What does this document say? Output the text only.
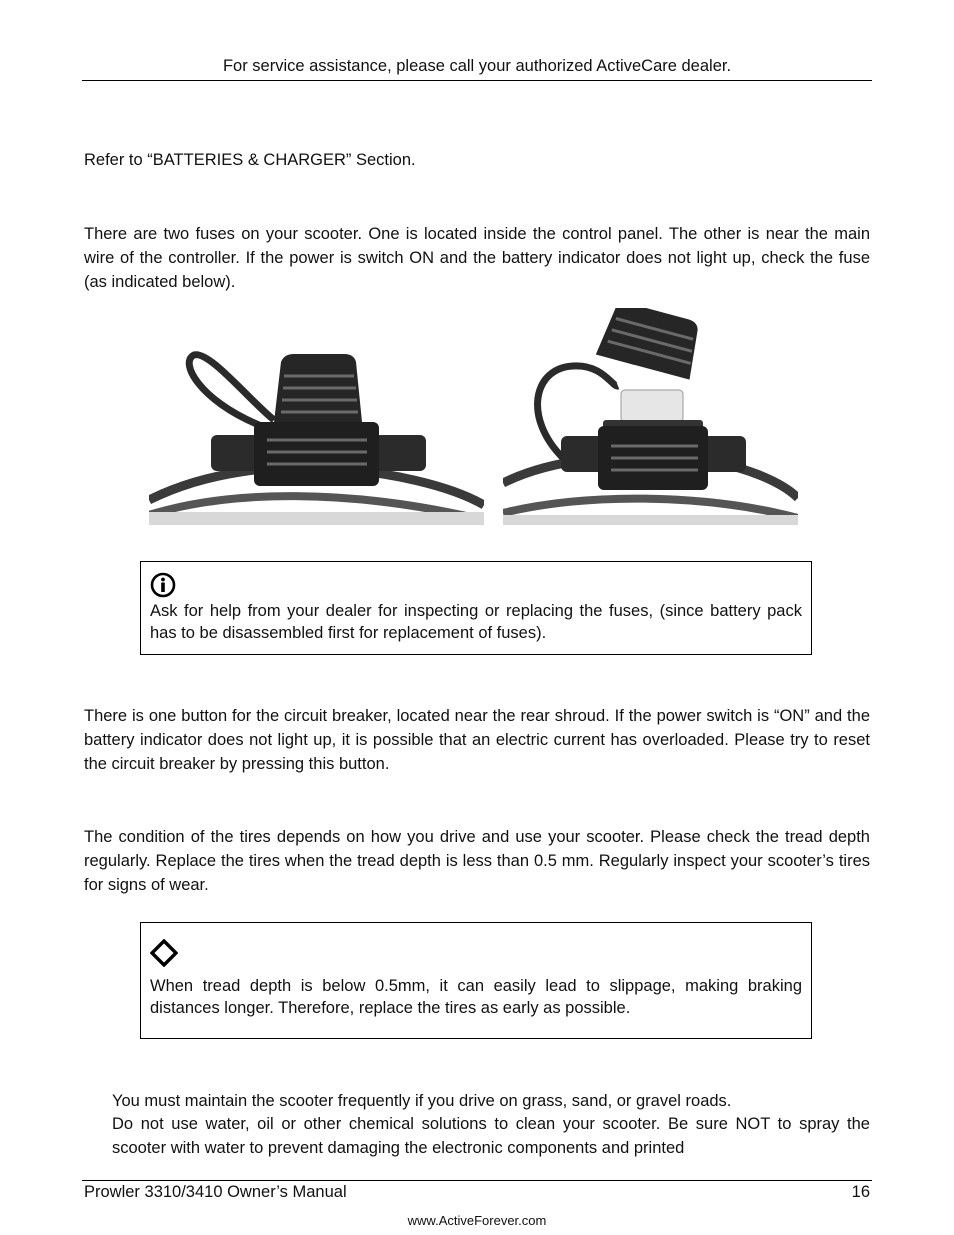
For service assistance, please call your authorized ActiveCare dealer.
Refer to “BATTERIES & CHARGER” Section.
There are two fuses on your scooter. One is located inside the control panel. The other is near the main wire of the controller. If the power is switch ON and the battery indicator does not light up, check the fuse (as indicated below).
Ask for help from your dealer for inspecting or replacing the fuses, (since battery pack has to be disassembled first for replacement of fuses).
There is one button for the circuit breaker, located near the rear shroud. If the power switch is “ON” and the battery indicator does not light up, it is possible that an electric current has overloaded. Please try to reset the circuit breaker by pressing this button.
The condition of the tires depends on how you drive and use your scooter. Please check the tread depth regularly. Replace the tires when the tread depth is less than 0.5 mm. Regularly inspect your scooter’s tires for signs of wear.
When tread depth is below 0.5mm, it can easily lead to slippage, making braking distances longer. Therefore, replace the tires as early as possible.
You must maintain the scooter frequently if you drive on grass, sand, or gravel roads.
Do not use water, oil or other chemical solutions to clean your scooter. Be sure NOT to spray the scooter with water to prevent damaging the electronic components and printed
Prowler 3310/3410 Owner’s Manual	16
www.ActiveForever.com
